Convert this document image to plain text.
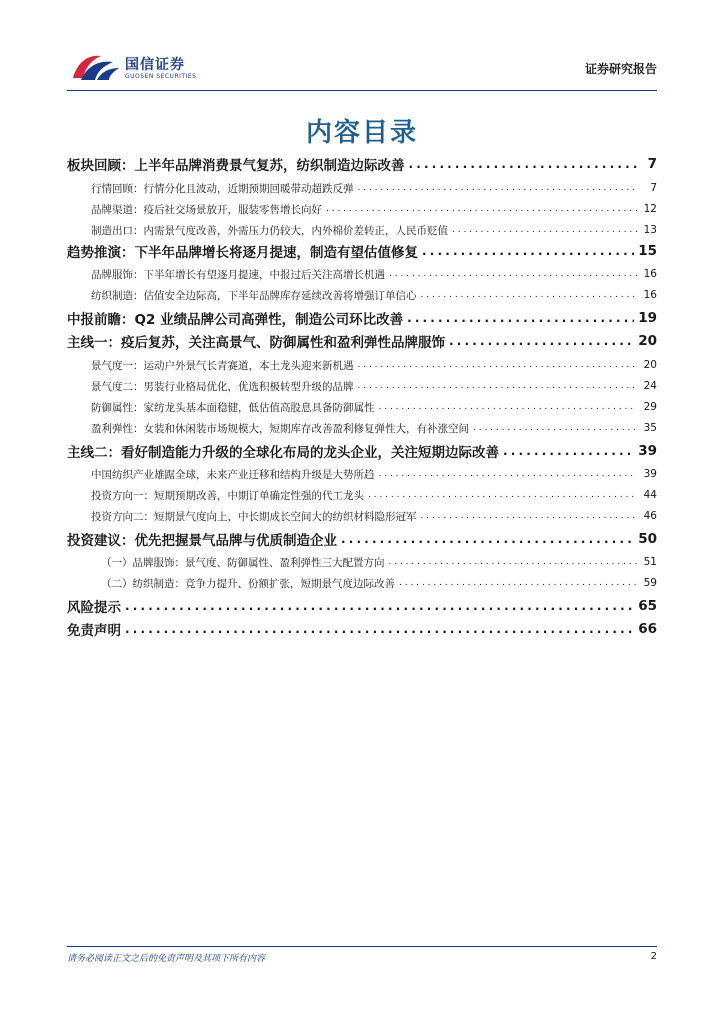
国信证券
GUOSEN SECURITIES
证券研究报告
内容目录
板块回顾：上半年品牌消费景气复苏，纺织制造边际改善 . . .	7
行情回顾：行情分化且波动，近期预期回暖带动超跌反弹 . . .	7
品牌渠道：疫后社交场景放开，服装零售增长向好 . . .	12
制造出口：内需景气度改善，外需压力仍较大，内外棉价差转正，人民币贬值 . . .	13
趋势推演：下半年品牌增长将逐月提速，制造有望估值修复 . . .	15
品牌服饰：下半年增长有望逐月提速，中报过后关注高增长机遇 . . .	16
纺织制造：估值安全边际高，下半年品牌库存延续改善将增强订单信心 . . .	16
中报前瞻：Q2 业绩品牌公司高弹性，制造公司环比改善 . . .	19
主线一：疫后复苏，关注高景气、防御属性和盈利弹性品牌服饰 . . .	20
景气度一：运动户外景气长青赛道，本土龙头迎来新机遇 . . .	20
景气度二：男装行业格局优化，优选积极转型升级的品牌 . . .	24
防御属性：家纺龙头基本面稳健，低估值高股息具备防御属性 . . .	29
盈利弹性：女装和休闲装市场规模大，短期库存改善盈利修复弹性大，有补涨空间 . . .	35
主线二：看好制造能力升级的全球化布局的龙头企业，关注短期边际改善 . . .	39
中国纺织产业雄踞全球，未来产业迁移和结构升级是大势所趋 . . .	39
投资方向一：短期预期改善，中期订单确定性强的代工龙头 . . .	44
投资方向二：短期景气度向上，中长期成长空间大的纺织材料隐形冠军 . . .	46
投资建议：优先把握景气品牌与优质制造企业 . . .	50
（一）品牌服饰：景气度、防御属性、盈利弹性三大配置方向 . . .	51
（二）纺织制造：竞争力提升、份额扩张，短期景气度边际改善 . . .	59
风险提示 . . .	65
免责声明 . . .	66
请务必阅读正文之后的免责声明及其项下所有内容	2
